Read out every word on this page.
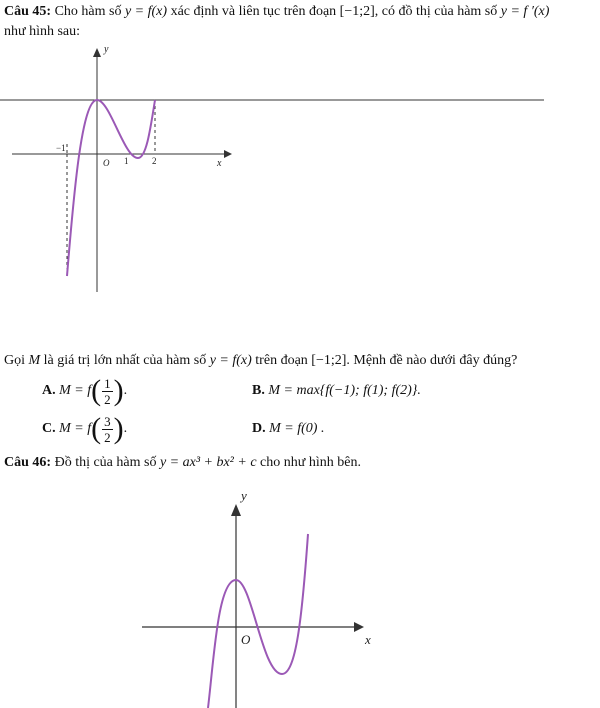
Câu 45: Cho hàm số y = f(x) xác định và liên tục trên đoạn [−1;2], có đồ thị của hàm số y = f ′(x)
như hình sau:
y
x
O
−1
1	2
Gọi M là giá trị lớn nhất của hàm số y = f(x) trên đoạn [−1;2]. Mệnh đề nào dưới đây đúng?
A. $M = f( \frac{1}{2}$ ).	B. M = max{f(−1); f(1); f(2)}.
C. $M = f( \frac{3}{2}$ ).	D. M = f(0) .
Câu 46: Đồ thị của hàm số y = ax³ + bx² + c cho như hình bên.
y
x
O
